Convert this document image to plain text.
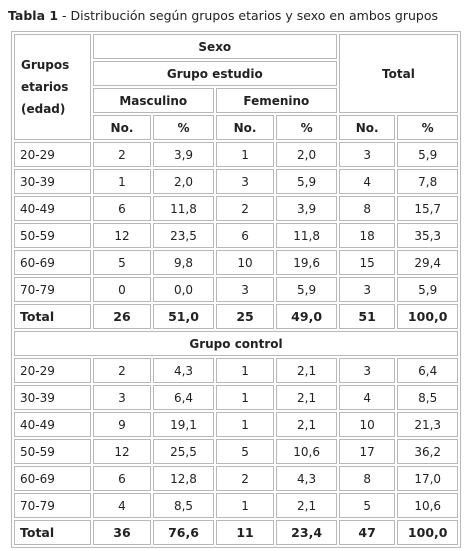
Tabla 1 - Distribución según grupos etarios y sexo en ambos grupos
Grupos
etarios
(edad)	Sexo				Total	
	Grupo estudio					
	Masculino		Femenino			
	No.	%	No.	%	No.	%
20-29	2	3,9	1	2,0	3	5,9
30-39	1	2,0	3	5,9	4	7,8
40-49	6	11,8	2	3,9	8	15,7
50-59	12	23,5	6	11,8	18	35,3
60-69	5	9,8	10	19,6	15	29,4
70-79	0	0,0	3	5,9	3	5,9
Total	26	51,0	25	49,0	51	100,0
Grupo control						
20-29	2	4,3	1	2,1	3	6,4
30-39	3	6,4	1	2,1	4	8,5
40-49	9	19,1	1	2,1	10	21,3
50-59	12	25,5	5	10,6	17	36,2
60-69	6	12,8	2	4,3	8	17,0
70-79	4	8,5	1	2,1	5	10,6
Total	36	76,6	11	23,4	47	100,0
